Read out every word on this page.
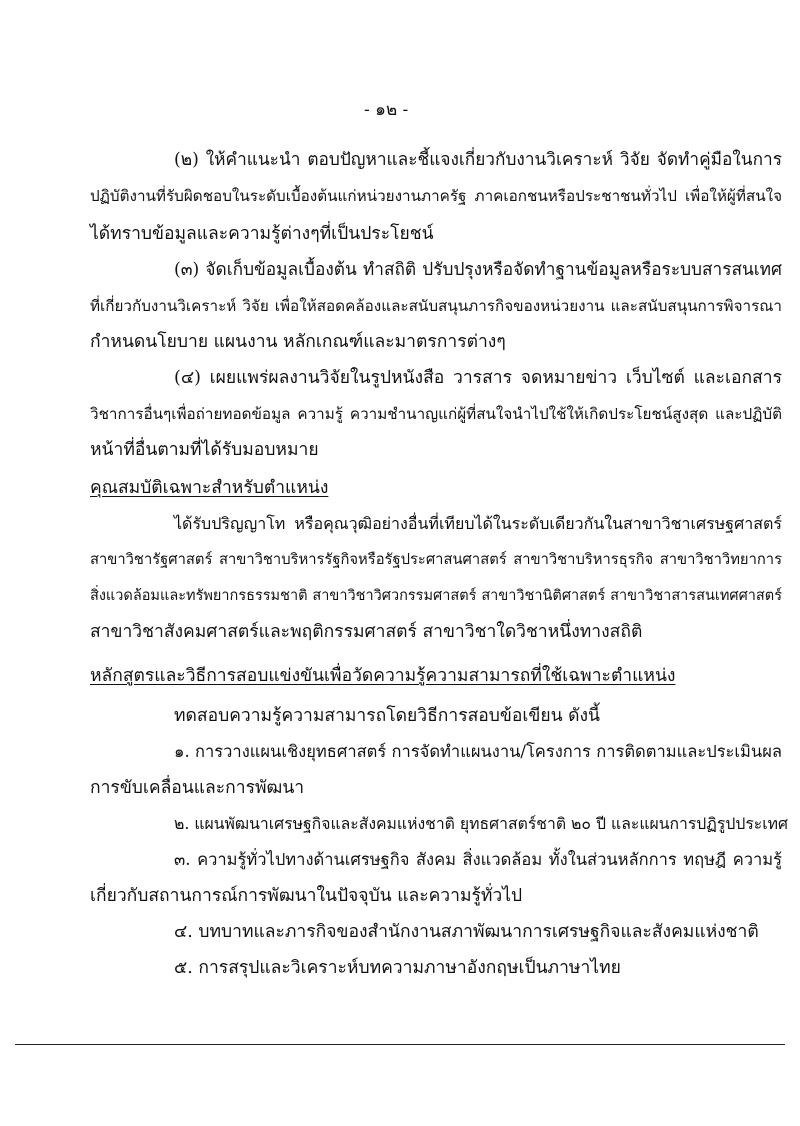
- ๑๒ -

(๒) ให้คำแนะนำ ตอบปัญหาและชี้แจงเกี่ยวกับงานวิเคราะห์ วิจัย จัดทำคู่มือในการ

ปฏิบัติงานที่รับผิดชอบในระดับเบื้องต้นแก่หน่วยงานภาครัฐ ภาคเอกชนหรือประชาชนทั่วไป เพื่อให้ผู้ที่สนใจ

ได้ทราบข้อมูลและความรู้ต่างๆที่เป็นประโยชน์

(๓) จัดเก็บข้อมูลเบื้องต้น ทำสถิติ ปรับปรุงหรือจัดทำฐานข้อมูลหรือระบบสารสนเทศ

ที่เกี่ยวกับงานวิเคราะห์ วิจัย เพื่อให้สอดคล้องและสนับสนุนภารกิจของหน่วยงาน และสนับสนุนการพิจารณา

กำหนดนโยบาย แผนงาน หลักเกณฑ์และมาตรการต่างๆ

(๔) เผยแพร่ผลงานวิจัยในรูปหนังสือ วารสาร จดหมายข่าว เว็บไซต์ และเอกสาร

วิชาการอื่นๆเพื่อถ่ายทอดข้อมูล ความรู้ ความชำนาญแก่ผู้ที่สนใจนำไปใช้ให้เกิดประโยชน์สูงสุด และปฏิบัติ

หน้าที่อื่นตามที่ได้รับมอบหมาย

คุณสมบัติเฉพาะสำหรับตำแหน่ง

ได้รับปริญญาโท หรือคุณวุฒิอย่างอื่นที่เทียบได้ในระดับเดียวกันในสาขาวิชาเศรษฐศาสตร์

สาขาวิชารัฐศาสตร์ สาขาวิชาบริหารรัฐกิจหรือรัฐประศาสนศาสตร์ สาขาวิชาบริหารธุรกิจ สาขาวิชาวิทยาการ

สิ่งแวดล้อมและทรัพยากรธรรมชาติ สาขาวิชาวิศวกรรมศาสตร์ สาขาวิชานิติศาสตร์ สาขาวิชาสารสนเทศศาสตร์

สาขาวิชาสังคมศาสตร์และพฤติกรรมศาสตร์ สาขาวิชาใดวิชาหนึ่งทางสถิติ

หลักสูตรและวิธีการสอบแข่งขันเพื่อวัดความรู้ความสามารถที่ใช้เฉพาะตำแหน่ง

ทดสอบความรู้ความสามารถโดยวิธีการสอบข้อเขียน ดังนี้

๑. การวางแผนเชิงยุทธศาสตร์ การจัดทำแผนงาน/โครงการ การติดตามและประเมินผล

การขับเคลื่อนและการพัฒนา

๒. แผนพัฒนาเศรษฐกิจและสังคมแห่งชาติ ยุทธศาสตร์ชาติ ๒๐ ปี และแผนการปฏิรูปประเทศ

๓. ความรู้ทั่วไปทางด้านเศรษฐกิจ สังคม สิ่งแวดล้อม ทั้งในส่วนหลักการ ทฤษฎี ความรู้

เกี่ยวกับสถานการณ์การพัฒนาในปัจจุบัน และความรู้ทั่วไป

๔. บทบาทและภารกิจของสำนักงานสภาพัฒนาการเศรษฐกิจและสังคมแห่งชาติ

๕. การสรุปและวิเคราะห์บทความภาษาอังกฤษเป็นภาษาไทย
